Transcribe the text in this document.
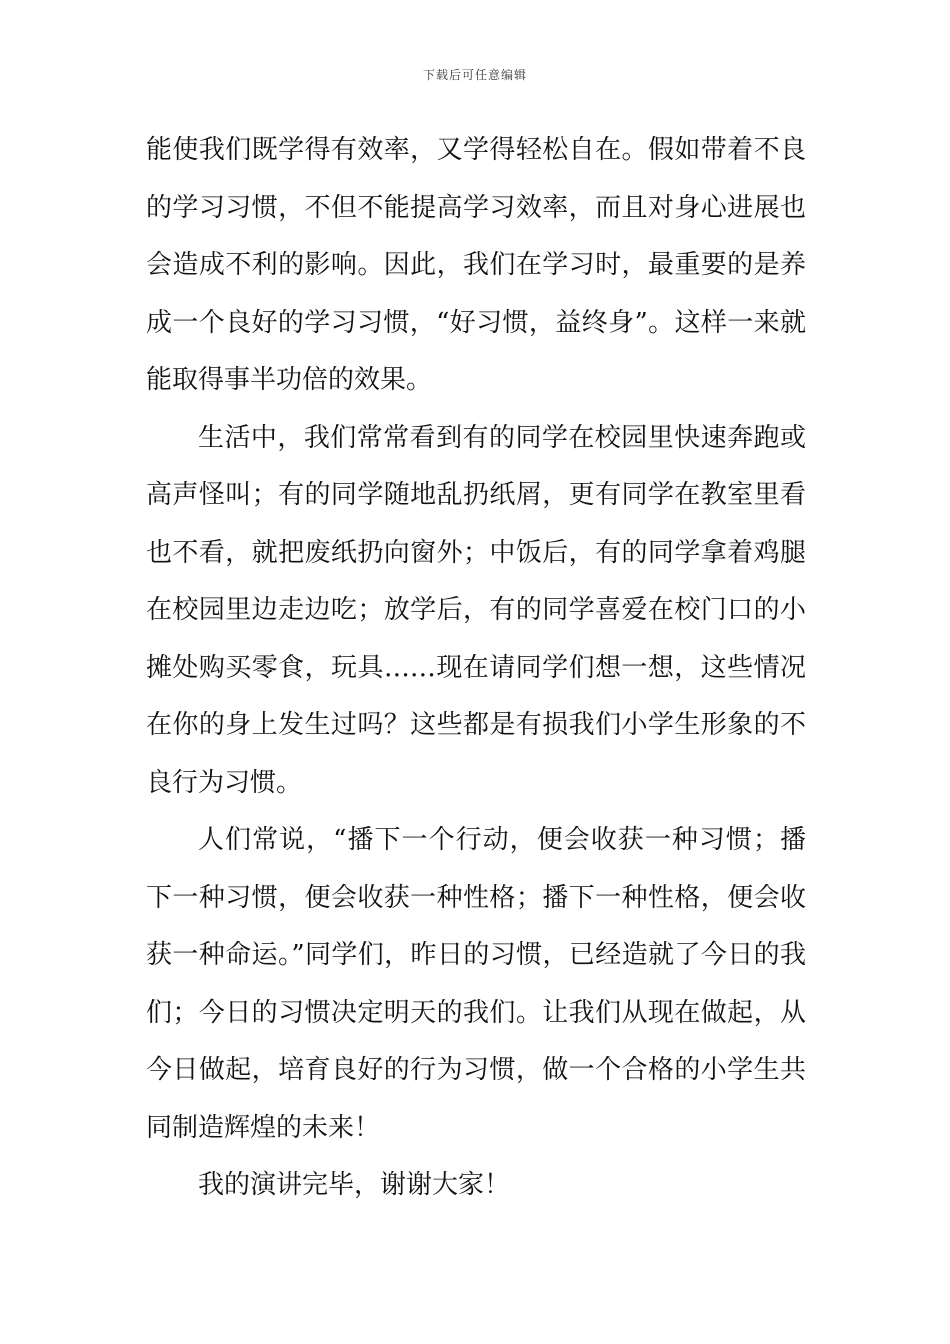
下载后可任意编辑

能使我们既学得有效率，又学得轻松自在。假如带着不良的学习习惯，不但不能提高学习效率，而且对身心进展也会造成不利的影响。因此，我们在学习时，最重要的是养成一个良好的学习习惯，“好习惯，益终身”。这样一来就能取得事半功倍的效果。

生活中，我们常常看到有的同学在校园里快速奔跑或高声怪叫；有的同学随地乱扔纸屑，更有同学在教室里看也不看，就把废纸扔向窗外；中饭后，有的同学拿着鸡腿在校园里边走边吃；放学后，有的同学喜爱在校门口的小摊处购买零食，玩具……现在请同学们想一想，这些情况在你的身上发生过吗？这些都是有损我们小学生形象的不良行为习惯。

人们常说，“播下一个行动，便会收获一种习惯；播下一种习惯，便会收获一种性格；播下一种性格，便会收获一种命运。”同学们，昨日的习惯，已经造就了今日的我们；今日的习惯决定明天的我们。让我们从现在做起，从今日做起，培育良好的行为习惯，做一个合格的小学生共同制造辉煌的未来！

我的演讲完毕，谢谢大家！
